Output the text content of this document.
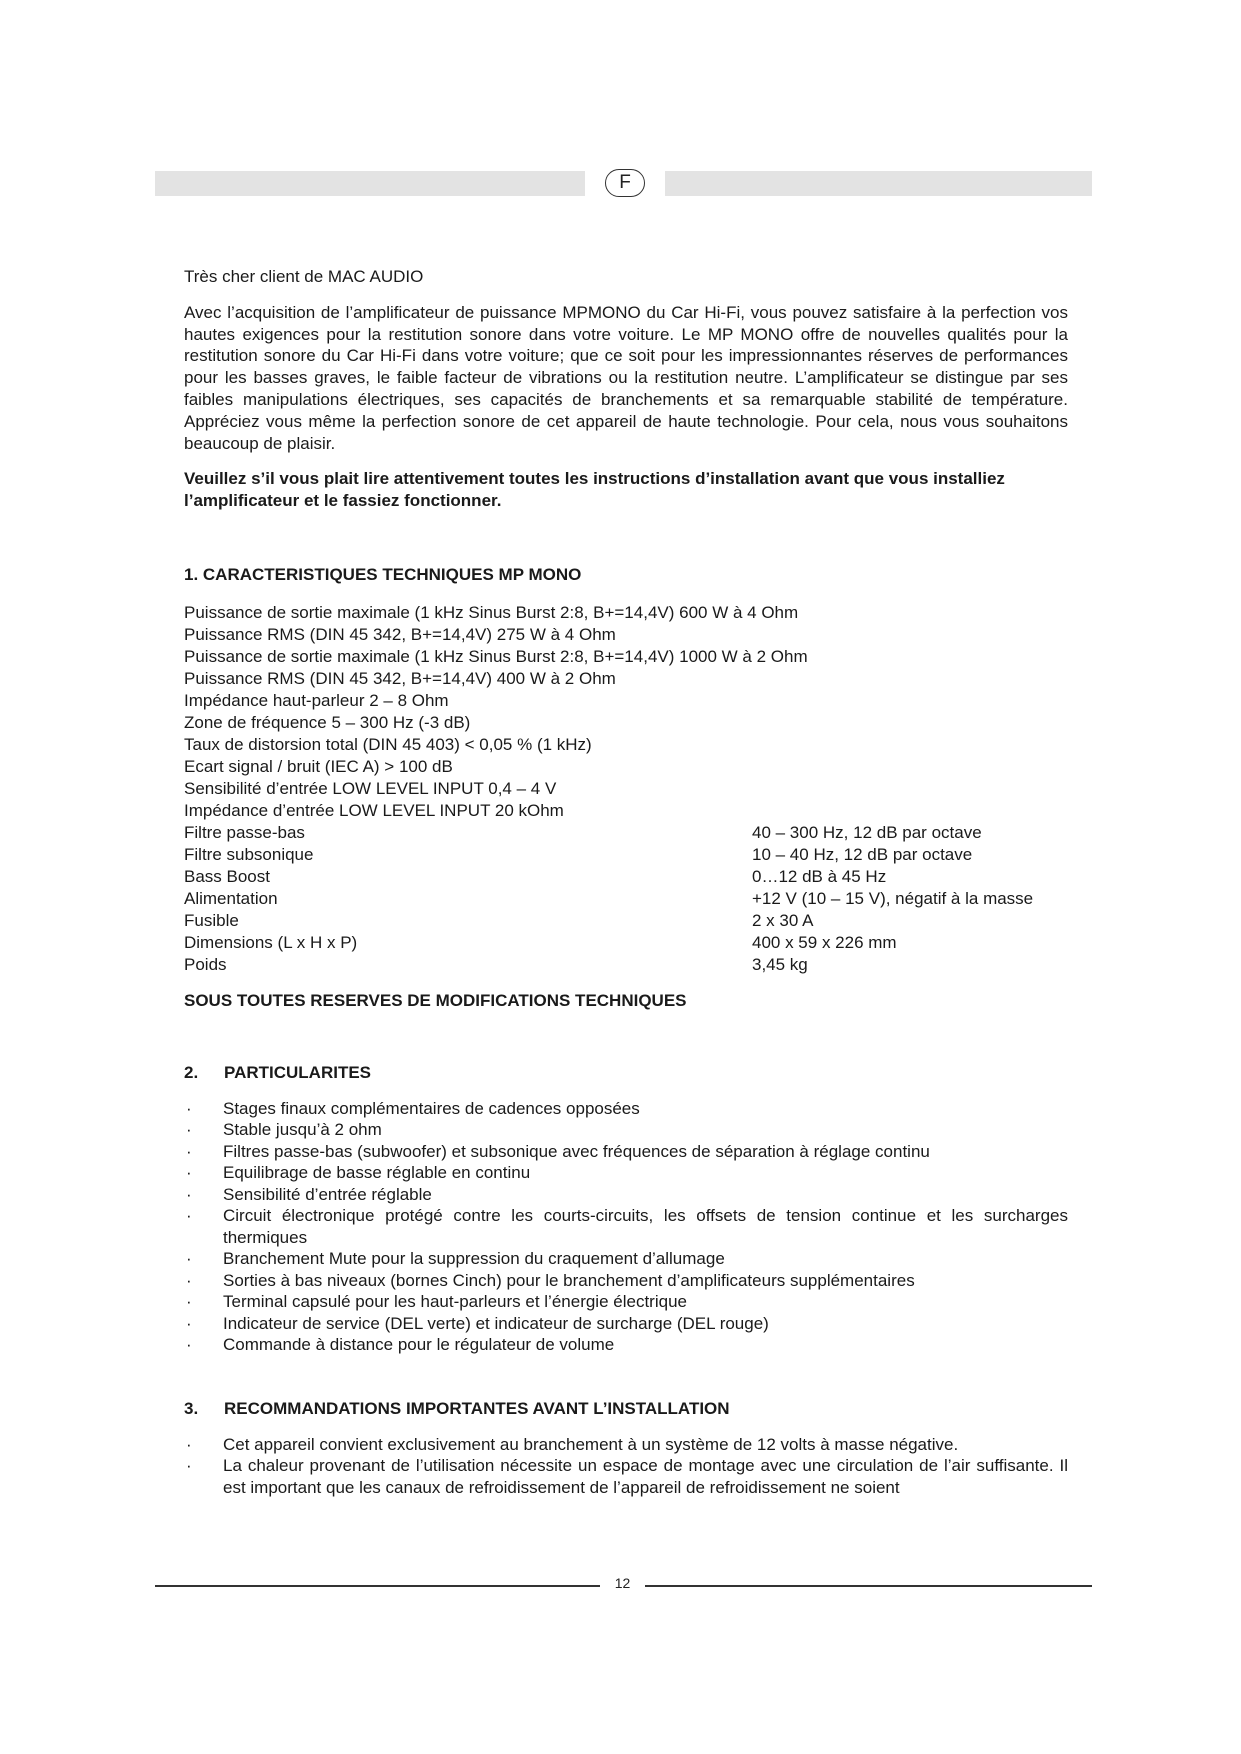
F

Très cher client de MAC AUDIO

Avec l’acquisition de l’amplificateur de puissance MPMONO du Car Hi-Fi, vous pouvez satisfaire à la perfection vos hautes exigences pour la restitution sonore dans votre voiture. Le MP MONO offre de nouvelles qualités pour la restitution sonore du Car Hi-Fi dans votre voiture; que ce soit pour les impressionnantes réserves de performances pour les basses graves, le faible facteur de vibrations ou la restitution neutre. L’amplificateur se distingue par ses faibles manipulations électriques, ses capacités de branchements et sa remarquable stabilité de température. Appréciez vous même la perfection sonore de cet appareil de haute technologie. Pour cela, nous vous souhaitons beaucoup de plaisir.

Veuillez s’il vous plait lire attentivement toutes les instructions d’installation avant que vous installiez l’amplificateur et le fassiez fonctionner.

1. CARACTERISTIQUES TECHNIQUES MP MONO
Puissance de sortie maximale (1 kHz Sinus Burst 2:8, B+=14,4V) 600 W à 4 Ohm
Puissance RMS (DIN 45 342, B+=14,4V) 275 W à 4 Ohm
Puissance de sortie maximale (1 kHz Sinus Burst 2:8, B+=14,4V) 1000 W à 2 Ohm
Puissance RMS (DIN 45 342, B+=14,4V) 400 W à 2 Ohm
Impédance haut-parleur 2 – 8 Ohm
Zone de fréquence 5 – 300 Hz (-3 dB)
Taux de distorsion total (DIN 45 403) < 0,05 % (1 kHz)
Ecart signal / bruit (IEC A) > 100 dB
Sensibilité d’entrée LOW LEVEL INPUT 0,4 – 4 V
Impédance d’entrée LOW LEVEL INPUT 20 kOhm
Filtre passe-bas	40 – 300 Hz, 12 dB par octave
Filtre subsonique	10 – 40 Hz, 12 dB par octave
Bass Boost	0…12 dB à 45 Hz
Alimentation	+12 V (10 – 15 V), négatif à la masse
Fusible	2 x 30 A
Dimensions (L x H x P)	400 x 59 x 226 mm
Poids	3,45 kg

SOUS TOUTES RESERVES DE MODIFICATIONS TECHNIQUES

2. PARTICULARITES
· Stages finaux complémentaires de cadences opposées
· Stable jusqu’à 2 ohm
· Filtres passe-bas (subwoofer) et subsonique avec fréquences de séparation à réglage continu
· Equilibrage de basse réglable en continu
· Sensibilité d’entrée réglable
· Circuit électronique protégé contre les courts-circuits, les offsets de tension continue et les surcharges thermiques
· Branchement Mute pour la suppression du craquement d’allumage
· Sorties à bas niveaux (bornes Cinch) pour le branchement d’amplificateurs supplémentaires
· Terminal capsulé pour les haut-parleurs et l’énergie électrique
· Indicateur de service (DEL verte) et indicateur de surcharge (DEL rouge)
· Commande à distance pour le régulateur de volume
3. RECOMMANDATIONS IMPORTANTES AVANT L’INSTALLATION
· Cet appareil convient exclusivement au branchement à un système de 12 volts à masse négative.
· La chaleur provenant de l’utilisation nécessite un espace de montage avec une circulation de l’air suffisante. Il est important que les canaux de refroidissement de l’appareil de refroidissement ne soient
12
